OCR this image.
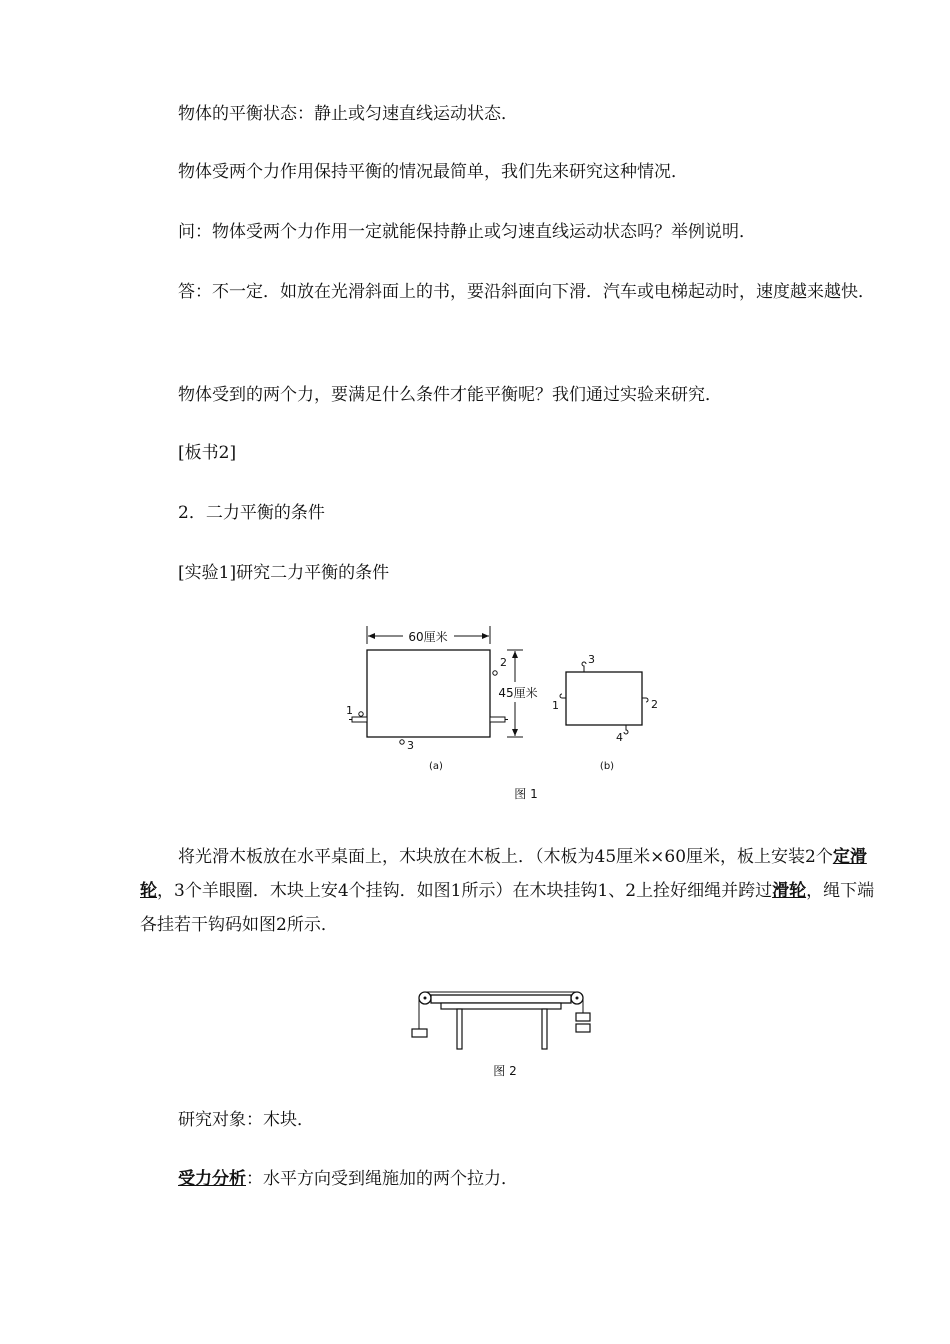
物体的平衡状态：静止或匀速直线运动状态．

物体受两个力作用保持平衡的情况最简单，我们先来研究这种情况．

问：物体受两个力作用一定就能保持静止或匀速直线运动状态吗？举例说明．

答：不一定．如放在光滑斜面上的书，要沿斜面向下滑．汽车或电梯起动时，速度越来越快．

物体受到的两个力，要满足什么条件才能平衡呢？我们通过实验来研究．

[板书2]

2．二力平衡的条件

[实验1]研究二力平衡的条件

60厘米
45厘米
2
1
3
(a)
3
1	2
4
(b)
图 1

将光滑木板放在水平桌面上，木块放在木板上．（木板为45厘米×60厘米，板上安装2个定滑轮，3个羊眼圈．木块上安4个挂钩．如图1所示）在木块挂钩1、2上拴好细绳并跨过滑轮，绳下端各挂若干钩码如图2所示．

图 2

研究对象：木块．

受力分析：水平方向受到绳施加的两个拉力．
